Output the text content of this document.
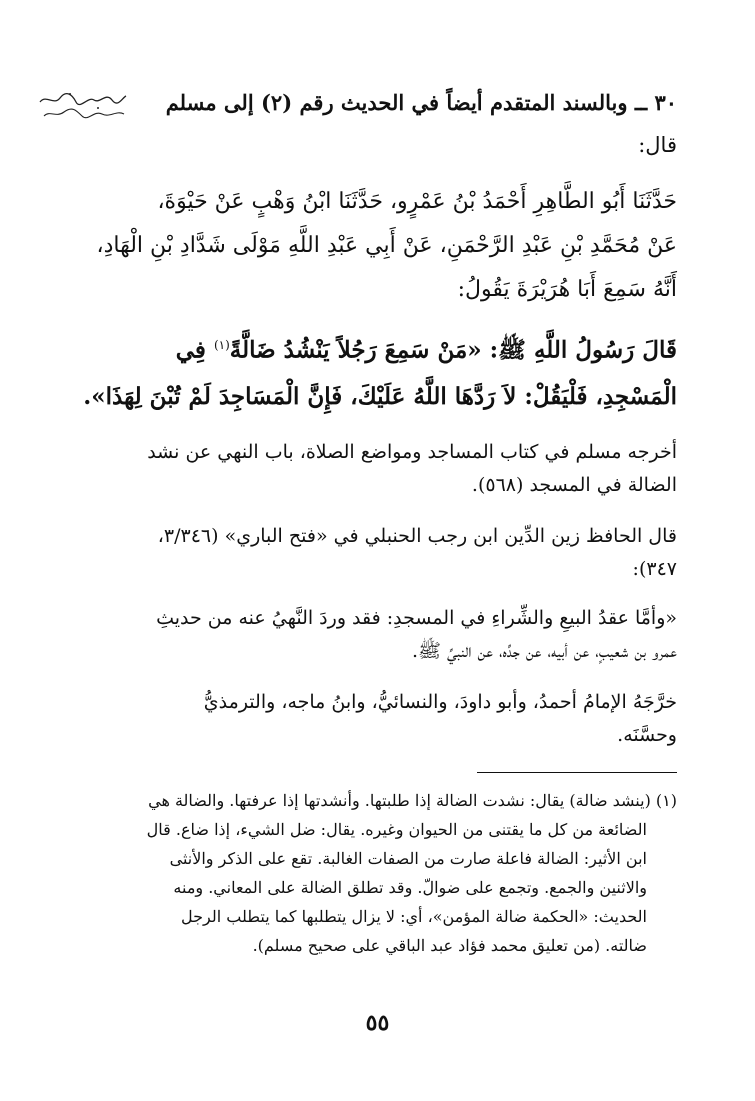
٣٠ ــ وبالسند المتقدم أيضاً في الحديث رقم (٢) إلى مسلم
قال:
حَدَّثَنَا أَبُو الطَّاهِرِ أَحْمَدُ بْنُ عَمْرٍو، حَدَّثَنَا ابْنُ وَهْبٍ عَنْ حَيْوَةَ،
عَنْ مُحَمَّدِ بْنِ عَبْدِ الرَّحْمَنِ، عَنْ أَبِي عَبْدِ اللَّهِ مَوْلَى شَدَّادِ بْنِ الْهَادِ،
أَنَّهُ سَمِعَ أَبَا هُرَيْرَةَ يَقُولُ:
قَالَ رَسُولُ اللَّهِ ﷺ: «مَنْ سَمِعَ رَجُلاً يَنْشُدُ ضَالَّةً$^{(١)}$ فِي
الْمَسْجِدِ، فَلْيَقُلْ: لاَ رَدَّهَا اللَّهُ عَلَيْكَ، فَإِنَّ الْمَسَاجِدَ لَمْ تُبْنَ لِهَذَا».
أخرجه مسلم في كتاب المساجد ومواضع الصلاة، باب النهي عن نشد
الضالة في المسجد (٥٦٨).
قال الحافظ زين الدِّين ابن رجب الحنبلي في «فتح الباري» (٣/٣٤٦،
٣٤٧):
«وأمَّا عقدُ البيعِ والشِّراءِ في المسجدِ: فقد وردَ النَّهيُ عنه من حديثِ
عمرو بن شعيبٍ، عن أبيه، عن جدِّه، عن النبيِّ ﷺ.
خرَّجَهُ الإمامُ أحمدُ، وأبو داودَ، والنسائيُّ، وابنُ ماجه، والترمذيُّ
وحسَّنَه.
(١) (ينشد ضالة) يقال: نشدت الضالة إذا طلبتها. وأنشدتها إذا عرفتها. والضالة هي
الضائعة من كل ما يقتنى من الحيوان وغيره. يقال: ضل الشيء، إذا ضاع. قال
ابن الأثير: الضالة فاعلة صارت من الصفات الغالبة. تقع على الذكر والأنثى
والاثنين والجمع. وتجمع على ضوالّ. وقد تطلق الضالة على المعاني. ومنه
الحديث: «الحكمة ضالة المؤمن»، أي: لا يزال يتطلبها كما يتطلب الرجل
ضالته. (من تعليق محمد فؤاد عبد الباقي على صحيح مسلم).
٥٥
